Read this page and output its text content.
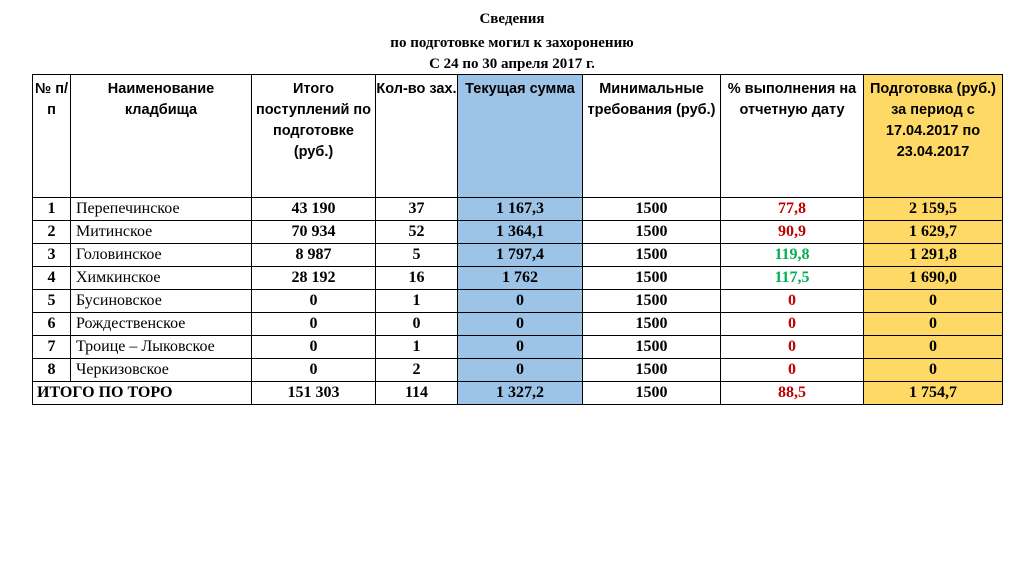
Сведения
по подготовке могил к захоронению
С 24 по 30 апреля 2017 г.
№ п/п	Наименование кладбища	Итого поступлений по подготовке (руб.)	Кол-во зах.	Текущая сумма	Минимальные требования (руб.)	% выполнения на отчетную дату	Подготовка (руб.) за период с 17.04.2017 по 23.04.2017
1	Перепечинское	43 190	37	1 167,3	1500	77,8	2 159,5
2	Митинское	70 934	52	1 364,1	1500	90,9	1 629,7
3	Головинское	8 987	5	1 797,4	1500	119,8	1 291,8
4	Химкинское	28 192	16	1 762	1500	117,5	1 690,0
5	Бусиновское	0	1	0	1500	0	0
6	Рождественское	0	0	0	1500	0	0
7	Троице – Лыковское	0	1	0	1500	0	0
8	Черкизовское	0	2	0	1500	0	0
ИТОГО ПО ТОРО		151 303	114	1 327,2	1500	88,5	1 754,7
